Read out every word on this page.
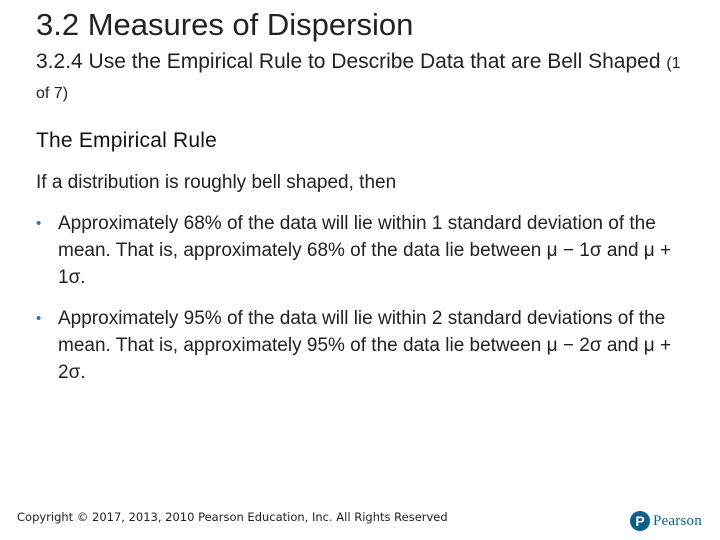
3.2 Measures of Dispersion
3.2.4 Use the Empirical Rule to Describe Data that are Bell Shaped (1 of 7)
The Empirical Rule
If a distribution is roughly bell shaped, then
• Approximately 68% of the data will lie within 1 standard deviation of the mean. That is, approximately 68% of the data lie between μ − 1σ and μ + 1σ.
• Approximately 95% of the data will lie within 2 standard deviations of the mean. That is, approximately 95% of the data lie between μ − 2σ and μ + 2σ.
Copyright © 2017, 2013, 2010 Pearson Education, Inc. All Rights Reserved	P Pearson
